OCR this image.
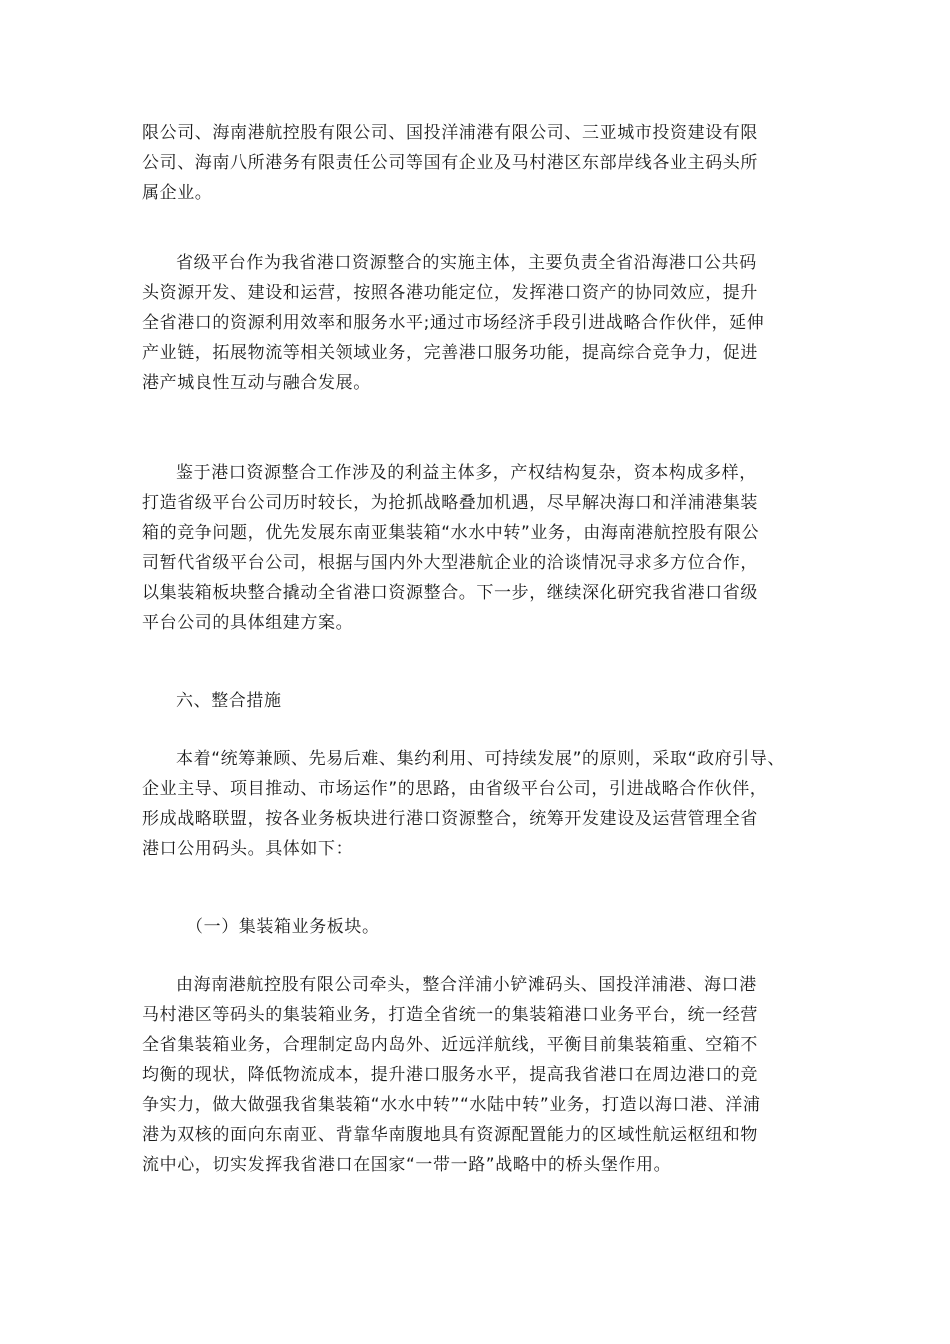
限公司、海南港航控股有限公司、国投洋浦港有限公司、三亚城市投资建设有限
公司、海南八所港务有限责任公司等国有企业及马村港区东部岸线各业主码头所
属企业。
省级平台作为我省港口资源整合的实施主体，主要负责全省沿海港口公共码
头资源开发、建设和运营，按照各港功能定位，发挥港口资产的协同效应，提升
全省港口的资源利用效率和服务水平;通过市场经济手段引进战略合作伙伴，延伸
产业链，拓展物流等相关领域业务，完善港口服务功能，提高综合竞争力，促进
港产城良性互动与融合发展。
鉴于港口资源整合工作涉及的利益主体多，产权结构复杂，资本构成多样，
打造省级平台公司历时较长，为抢抓战略叠加机遇，尽早解决海口和洋浦港集装
箱的竞争问题，优先发展东南亚集装箱“水水中转”业务，由海南港航控股有限公
司暂代省级平台公司，根据与国内外大型港航企业的洽谈情况寻求多方位合作，
以集装箱板块整合撬动全省港口资源整合。下一步，继续深化研究我省港口省级
平台公司的具体组建方案。
六、整合措施
本着“统筹兼顾、先易后难、集约利用、可持续发展”的原则，采取“政府引导、
企业主导、项目推动、市场运作”的思路，由省级平台公司，引进战略合作伙伴，
形成战略联盟，按各业务板块进行港口资源整合，统筹开发建设及运营管理全省
港口公用码头。具体如下：
（一）集装箱业务板块。
由海南港航控股有限公司牵头，整合洋浦小铲滩码头、国投洋浦港、海口港
马村港区等码头的集装箱业务，打造全省统一的集装箱港口业务平台，统一经营
全省集装箱业务，合理制定岛内岛外、近远洋航线，平衡目前集装箱重、空箱不
均衡的现状，降低物流成本，提升港口服务水平，提高我省港口在周边港口的竞
争实力，做大做强我省集装箱“水水中转”“水陆中转”业务，打造以海口港、洋浦
港为双核的面向东南亚、背靠华南腹地具有资源配置能力的区域性航运枢纽和物
流中心，切实发挥我省港口在国家“一带一路”战略中的桥头堡作用。
